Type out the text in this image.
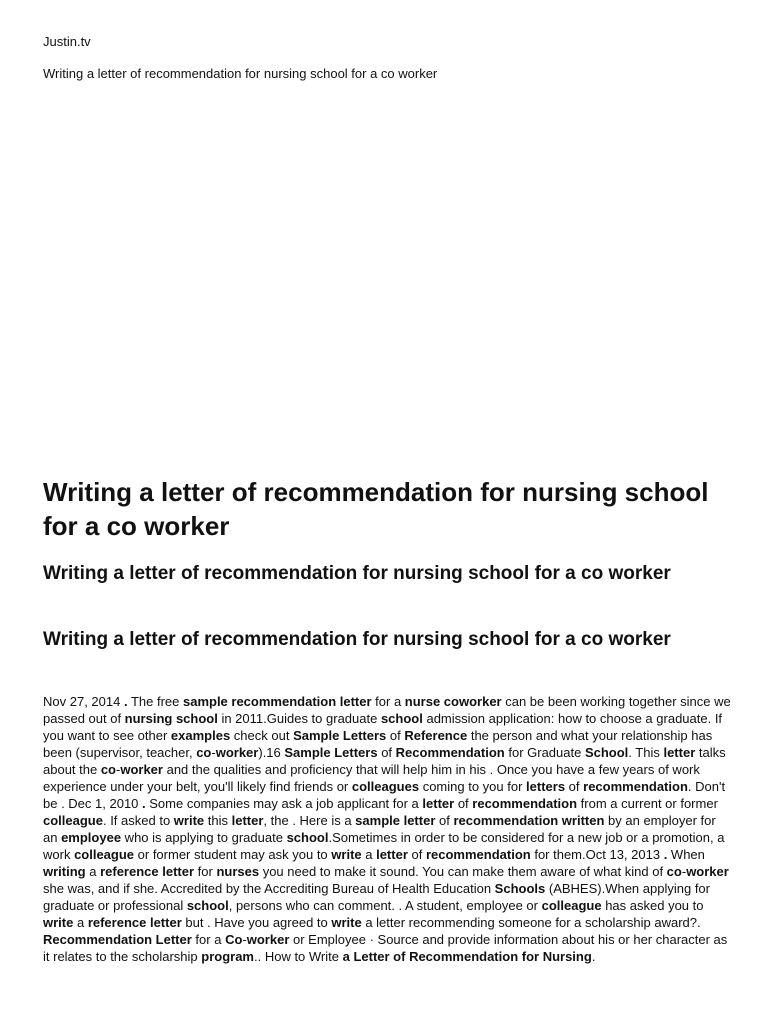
Justin.tv
Writing a letter of recommendation for nursing school for a co worker
Writing a letter of recommendation for nursing school for a co worker
Writing a letter of recommendation for nursing school for a co worker
Writing a letter of recommendation for nursing school for a co worker

Nov 27, 2014 . The free sample recommendation letter for a nurse coworker can be been working together since we passed out of nursing school in 2011.Guides to graduate school admission application: how to choose a graduate. If you want to see other examples check out Sample Letters of Reference the person and what your relationship has been (supervisor, teacher, co-worker).16 Sample Letters of Recommendation for Graduate School. This letter talks about the co-worker and the qualities and proficiency that will help him in his . Once you have a few years of work experience under your belt, you'll likely find friends or colleagues coming to you for letters of recommendation. Don't be . Dec 1, 2010 . Some companies may ask a job applicant for a letter of recommendation from a current or former colleague. If asked to write this letter, the . Here is a sample letter of recommendation written by an employer for an employee who is applying to graduate school.Sometimes in order to be considered for a new job or a promotion, a work colleague or former student may ask you to write a letter of recommendation for them.Oct 13, 2013 . When writing a reference letter for nurses you need to make it sound. You can make them aware of what kind of co-worker she was, and if she. Accredited by the Accrediting Bureau of Health Education Schools (ABHES).When applying for graduate or professional school, persons who can comment. . A student, employee or colleague has asked you to write a reference letter but . Have you agreed to write a letter recommending someone for a scholarship award?. Recommendation Letter for a Co-worker or Employee · Source and provide information about his or her character as it relates to the scholarship program.. How to Write a Letter of Recommendation for Nursing.
